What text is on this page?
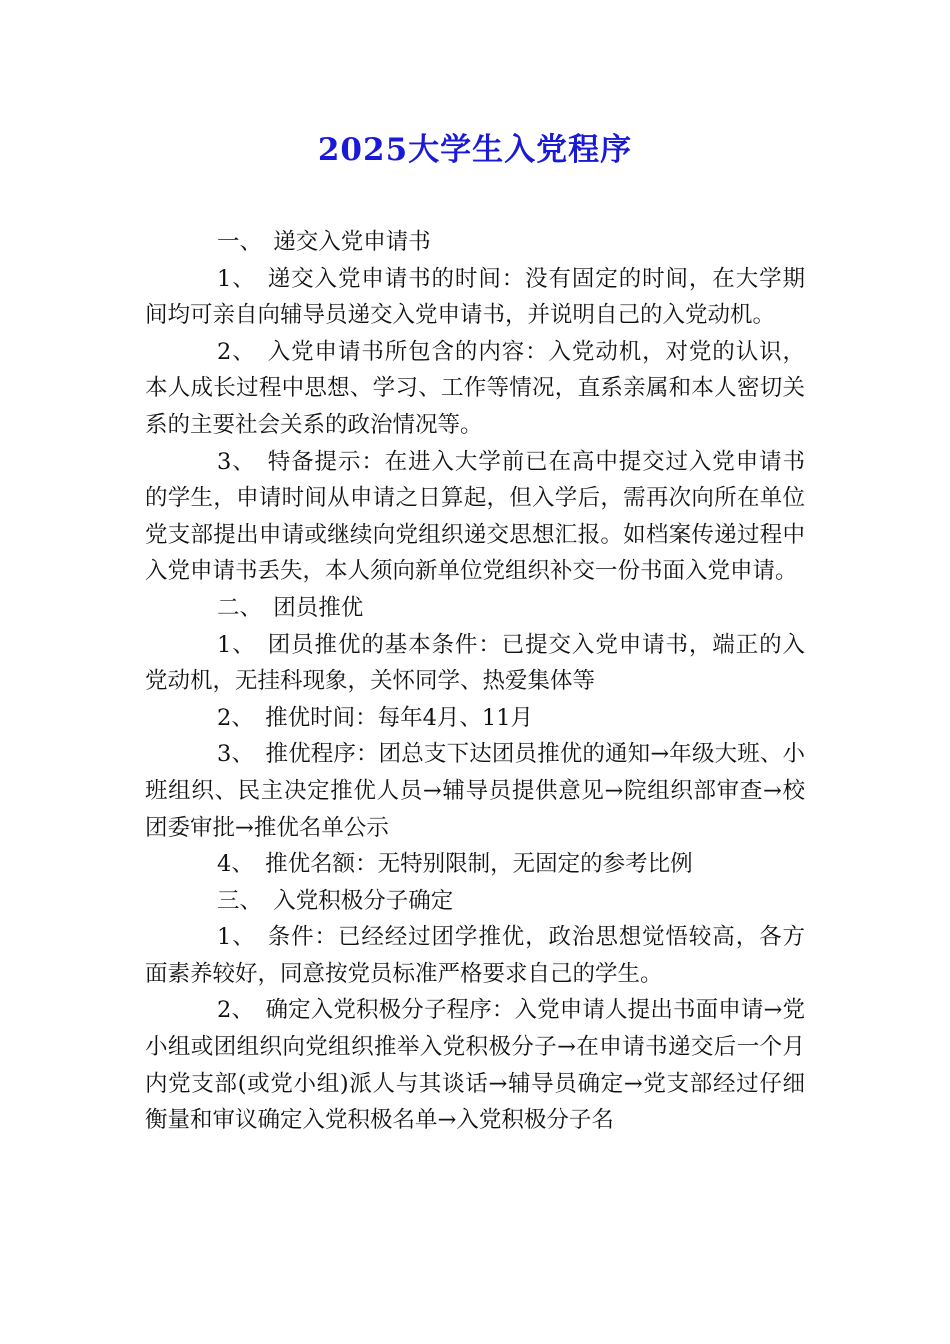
2025大学生入党程序

一、　递交入党申请书

1、　递交入党申请书的时间：没有固定的时间，在大学期间均可亲自向辅导员递交入党申请书，并说明自己的入党动机。

2、　入党申请书所包含的内容：入党动机，对党的认识，本人成长过程中思想、学习、工作等情况，直系亲属和本人密切关系的主要社会关系的政治情况等。

3、　特备提示：在进入大学前已在高中提交过入党申请书的学生，申请时间从申请之日算起，但入学后，需再次向所在单位党支部提出申请或继续向党组织递交思想汇报。如档案传递过程中入党申请书丢失，本人须向新单位党组织补交一份书面入党申请。

二、　团员推优

1、　团员推优的基本条件：已提交入党申请书，端正的入党动机，无挂科现象，关怀同学、热爱集体等

2、　推优时间：每年4月、11月

3、　推优程序：团总支下达团员推优的通知→年级大班、小班组织、民主决定推优人员→辅导员提供意见→院组织部审查→校团委审批→推优名单公示

4、　推优名额：无特别限制，无固定的参考比例

三、　入党积极分子确定

1、　条件：已经经过团学推优，政治思想觉悟较高，各方面素养较好，同意按党员标准严格要求自己的学生。

2、　确定入党积极分子程序：入党申请人提出书面申请→党小组或团组织向党组织推举入党积极分子→在申请书递交后一个月内党支部(或党小组)派人与其谈话→辅导员确定→党支部经过仔细衡量和审议确定入党积极名单→入党积极分子名
